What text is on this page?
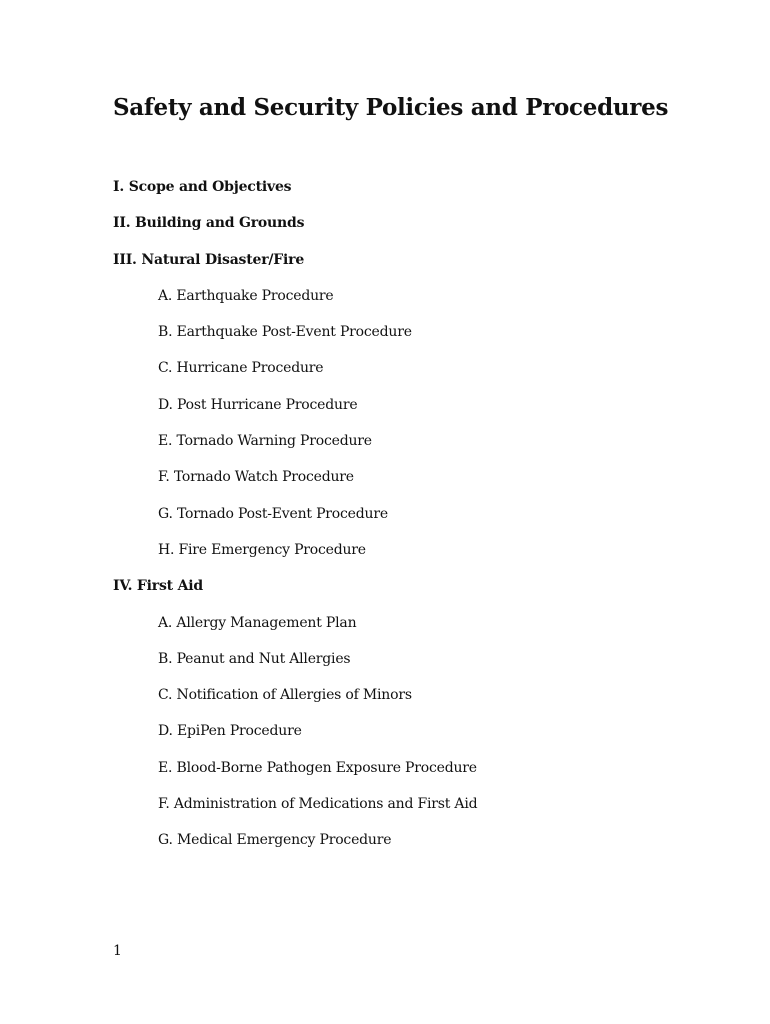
Safety and Security Policies and Procedures
I. Scope and Objectives
II. Building and Grounds
III. Natural Disaster/Fire
A. Earthquake Procedure
B. Earthquake Post-Event Procedure
C. Hurricane Procedure
D. Post Hurricane Procedure
E. Tornado Warning Procedure
F. Tornado Watch Procedure
G. Tornado Post-Event Procedure
H. Fire Emergency Procedure
IV. First Aid
A. Allergy Management Plan
B. Peanut and Nut Allergies
C. Notification of Allergies of Minors
D. EpiPen Procedure
E. Blood-Borne Pathogen Exposure Procedure
F. Administration of Medications and First Aid
G. Medical Emergency Procedure
1
